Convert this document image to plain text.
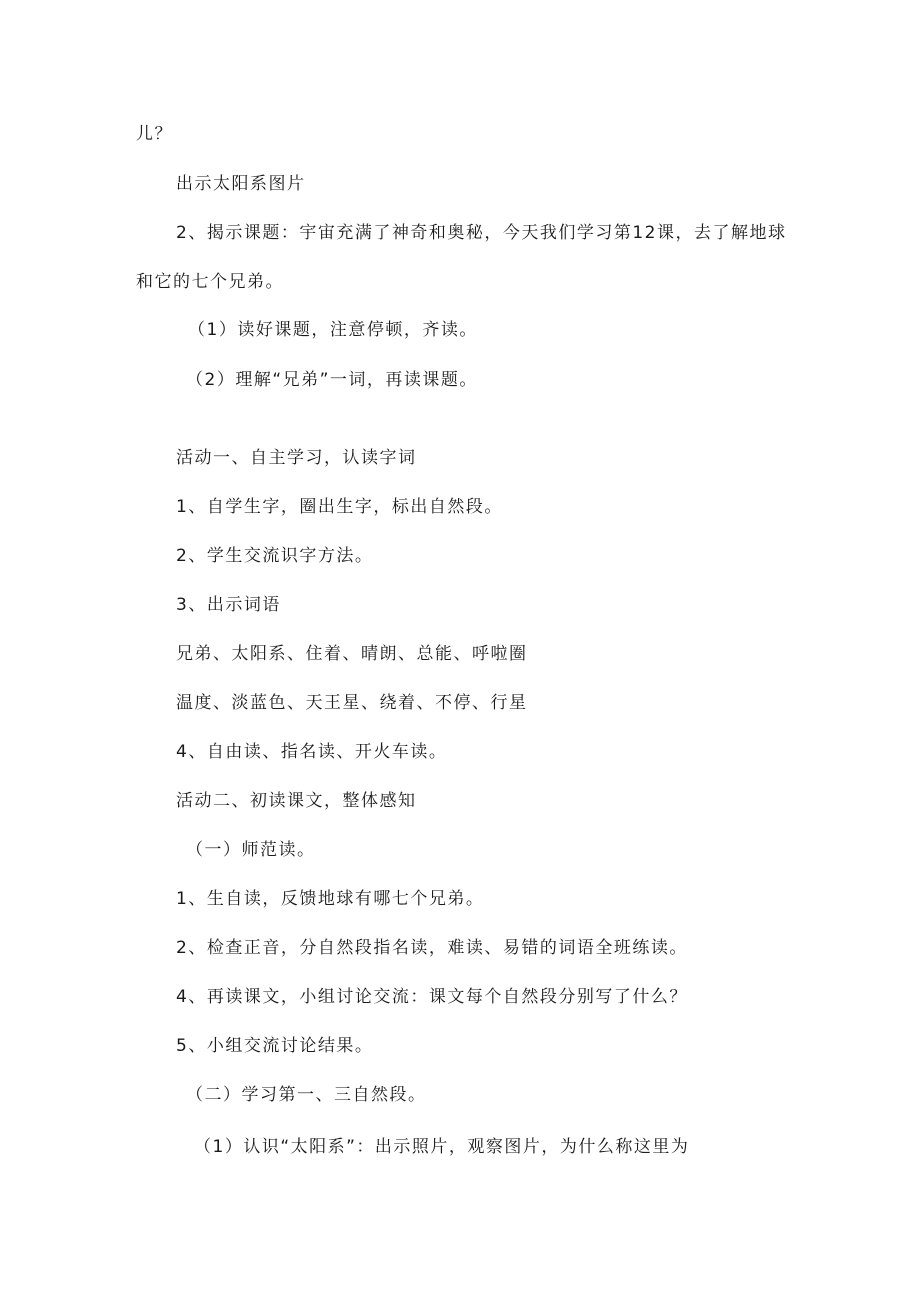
儿？
出示太阳系图片
2、揭示课题：宇宙充满了神奇和奥秘，今天我们学习第12课，去了解地球
和它的七个兄弟。
（1）读好课题，注意停顿，齐读。
（2）理解“兄弟”一词，再读课题。
活动一、自主学习，认读字词
1、自学生字，圈出生字，标出自然段。
2、学生交流识字方法。
3、出示词语
兄弟、太阳系、住着、晴朗、总能、呼啦圈
温度、淡蓝色、天王星、绕着、不停、行星
4、自由读、指名读、开火车读。
活动二、初读课文，整体感知
（一）师范读。
1、生自读，反馈地球有哪七个兄弟。
2、检查正音，分自然段指名读，难读、易错的词语全班练读。
4、再读课文，小组讨论交流：课文每个自然段分别写了什么？
5、小组交流讨论结果。
（二）学习第一、三自然段。
（1）认识“太阳系”：出示照片，观察图片，为什么称这里为
